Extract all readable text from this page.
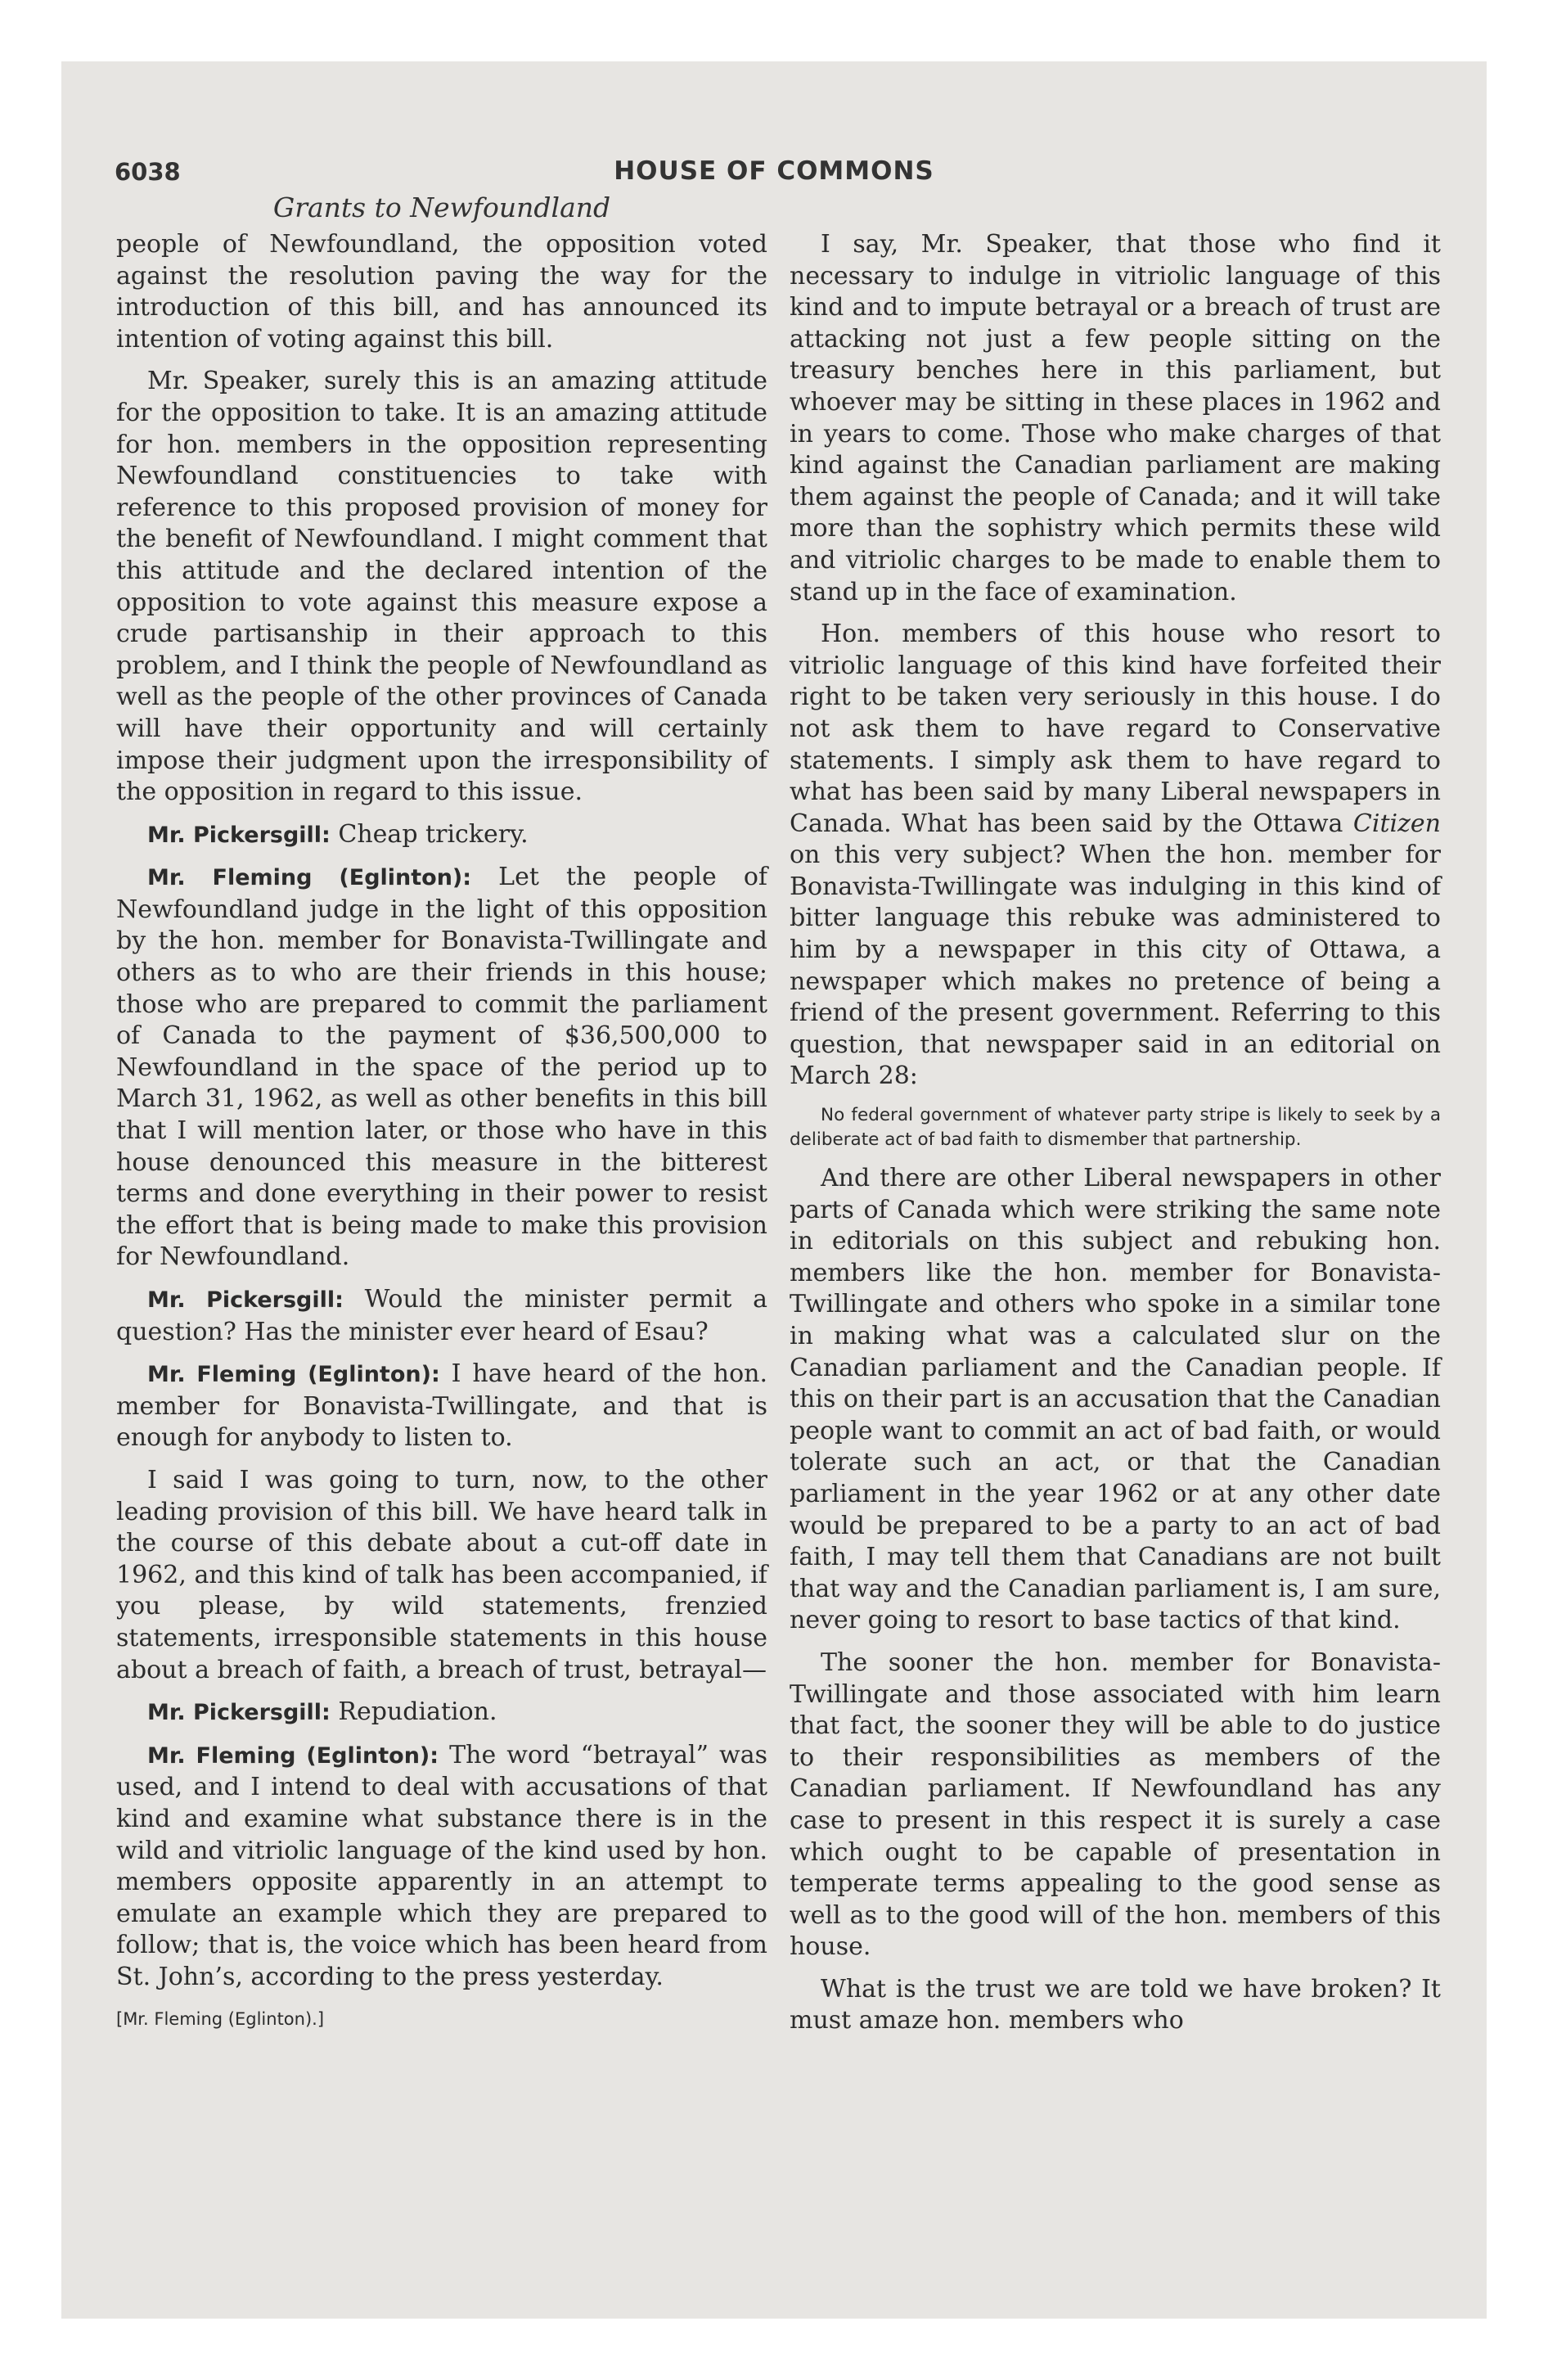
6038	HOUSE OF COMMONS
Grants to Newfoundland

people of Newfoundland, the opposition voted against the resolution paving the way for the introduction of this bill, and has announced its intention of voting against this bill.

Mr. Speaker, surely this is an amazing attitude for the opposition to take. It is an amazing attitude for hon. members in the opposition representing Newfoundland constituencies to take with reference to this proposed provision of money for the benefit of Newfoundland. I might comment that this attitude and the declared intention of the opposition to vote against this measure expose a crude partisanship in their approach to this problem, and I think the people of Newfoundland as well as the people of the other provinces of Canada will have their opportunity and will certainly impose their judgment upon the irresponsibility of the opposition in regard to this issue.

Mr. Pickersgill: Cheap trickery.

Mr. Fleming (Eglinton): Let the people of Newfoundland judge in the light of this opposition by the hon. member for Bonavista-Twillingate and others as to who are their friends in this house; those who are prepared to commit the parliament of Canada to the payment of $36,500,000 to Newfoundland in the space of the period up to March 31, 1962, as well as other benefits in this bill that I will mention later, or those who have in this house denounced this measure in the bitterest terms and done everything in their power to resist the effort that is being made to make this provision for Newfoundland.

Mr. Pickersgill: Would the minister permit a question? Has the minister ever heard of Esau?

Mr. Fleming (Eglinton): I have heard of the hon. member for Bonavista-Twillingate, and that is enough for anybody to listen to.

I said I was going to turn, now, to the other leading provision of this bill. We have heard talk in the course of this debate about a cut-off date in 1962, and this kind of talk has been accompanied, if you please, by wild statements, frenzied statements, irresponsible statements in this house about a breach of faith, a breach of trust, betrayal—

Mr. Pickersgill: Repudiation.

Mr. Fleming (Eglinton): The word “betrayal” was used, and I intend to deal with accusations of that kind and examine what substance there is in the wild and vitriolic language of the kind used by hon. members opposite apparently in an attempt to emulate an example which they are prepared to follow; that is, the voice which has been heard from St. John’s, according to the press yesterday.

[Mr. Fleming (Eglinton).]

I say, Mr. Speaker, that those who find it necessary to indulge in vitriolic language of this kind and to impute betrayal or a breach of trust are attacking not just a few people sitting on the treasury benches here in this parliament, but whoever may be sitting in these places in 1962 and in years to come. Those who make charges of that kind against the Canadian parliament are making them against the people of Canada; and it will take more than the sophistry which permits these wild and vitriolic charges to be made to enable them to stand up in the face of examination.

Hon. members of this house who resort to vitriolic language of this kind have forfeited their right to be taken very seriously in this house. I do not ask them to have regard to Conservative statements. I simply ask them to have regard to what has been said by many Liberal newspapers in Canada. What has been said by the Ottawa Citizen on this very subject? When the hon. member for Bonavista-Twillingate was indulging in this kind of bitter language this rebuke was administered to him by a newspaper in this city of Ottawa, a newspaper which makes no pretence of being a friend of the present government. Referring to this question, that newspaper said in an editorial on March 28:

No federal government of whatever party stripe is likely to seek by a deliberate act of bad faith to dismember that partnership.

And there are other Liberal newspapers in other parts of Canada which were striking the same note in editorials on this subject and rebuking hon. members like the hon. member for Bonavista-Twillingate and others who spoke in a similar tone in making what was a calculated slur on the Canadian parliament and the Canadian people. If this on their part is an accusation that the Canadian people want to commit an act of bad faith, or would tolerate such an act, or that the Canadian parliament in the year 1962 or at any other date would be prepared to be a party to an act of bad faith, I may tell them that Canadians are not built that way and the Canadian parliament is, I am sure, never going to resort to base tactics of that kind.

The sooner the hon. member for Bonavista-Twillingate and those associated with him learn that fact, the sooner they will be able to do justice to their responsibilities as members of the Canadian parliament. If Newfoundland has any case to present in this respect it is surely a case which ought to be capable of presentation in temperate terms appealing to the good sense as well as to the good will of the hon. members of this house.

What is the trust we are told we have broken? It must amaze hon. members who
